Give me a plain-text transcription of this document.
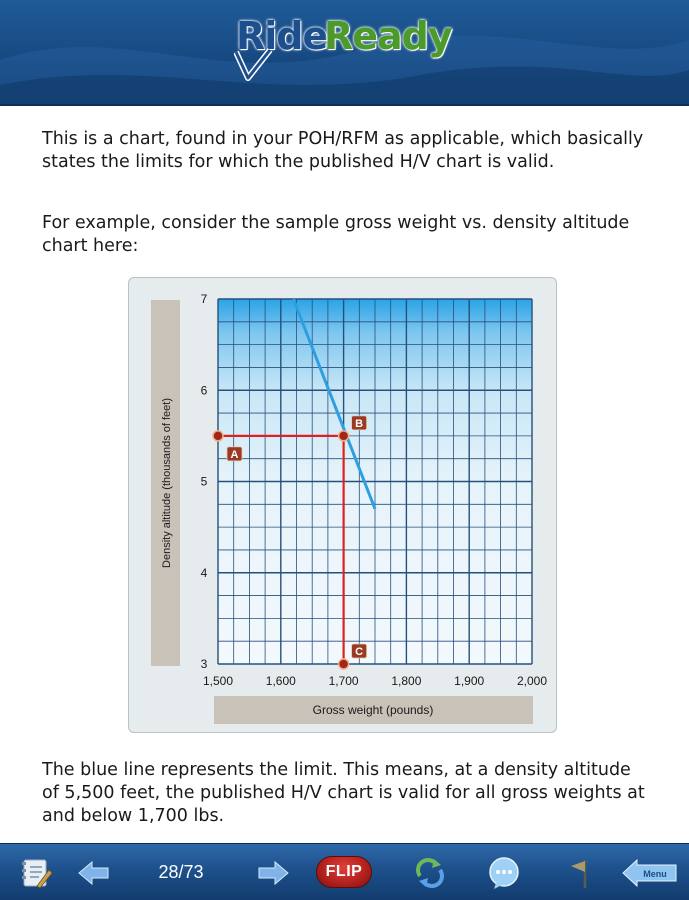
Ride
Ready
This is a chart, found in your POH/RFM as applicable, which basically states the limits for which the published H/V chart is valid.
For example, consider the sample gross weight vs. density altitude chart here:
Density altitude (thousands of feet)
Gross weight (pounds)
1,500	1,600	1,700	1,800	1,900	2,000
3
4
5
6
7
A
B
C
The blue line represents the limit. This means, at a density altitude of 5,500 feet, the published H/V chart is valid for all gross weights at and below 1,700 lbs.
28/73	FLIP	Menu
